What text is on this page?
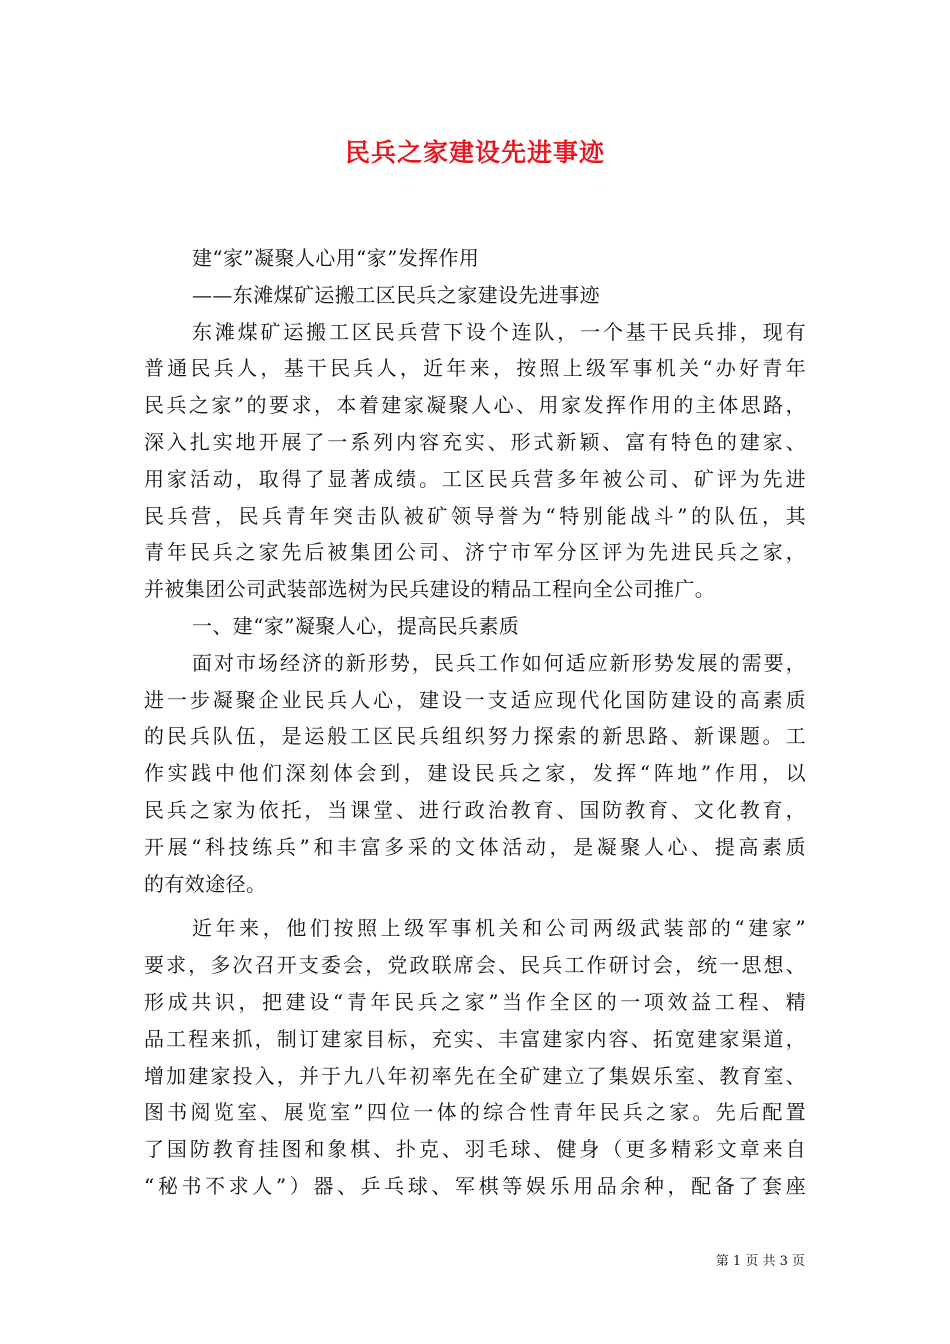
民兵之家建设先进事迹
建“家”凝聚人心用“家”发挥作用
——东滩煤矿运搬工区民兵之家建设先进事迹
东滩煤矿运搬工区民兵营下设个连队，一个基干民兵排，现有
普通民兵人，基干民兵人，近年来，按照上级军事机关“办好青年
民兵之家”的要求，本着建家凝聚人心、用家发挥作用的主体思路，
深入扎实地开展了一系列内容充实、形式新颖、富有特色的建家、
用家活动，取得了显著成绩。工区民兵营多年被公司、矿评为先进
民兵营，民兵青年突击队被矿领导誉为“特别能战斗”的队伍，其
青年民兵之家先后被集团公司、济宁市军分区评为先进民兵之家，
并被集团公司武装部选树为民兵建设的精品工程向全公司推广。
一、建“家”凝聚人心，提高民兵素质
面对市场经济的新形势，民兵工作如何适应新形势发展的需要，
进一步凝聚企业民兵人心，建设一支适应现代化国防建设的高素质
的民兵队伍，是运般工区民兵组织努力探索的新思路、新课题。工
作实践中他们深刻体会到，建设民兵之家，发挥“阵地”作用，以
民兵之家为依托，当课堂、进行政治教育、国防教育、文化教育，
开展“科技练兵”和丰富多采的文体活动，是凝聚人心、提高素质
的有效途径。
近年来，他们按照上级军事机关和公司两级武装部的“建家”
要求，多次召开支委会，党政联席会、民兵工作研讨会，统一思想、
形成共识，把建设“青年民兵之家”当作全区的一项效益工程、精
品工程来抓，制订建家目标，充实、丰富建家内容、拓宽建家渠道，
增加建家投入，并于九八年初率先在全矿建立了集娱乐室、教育室、
图书阅览室、展览室”四位一体的综合性青年民兵之家。先后配置
了国防教育挂图和象棋、扑克、羽毛球、健身（更多精彩文章来自
“秘书不求人”）器、乒乓球、军棋等娱乐用品余种，配备了套座
第 1 页 共 3 页
